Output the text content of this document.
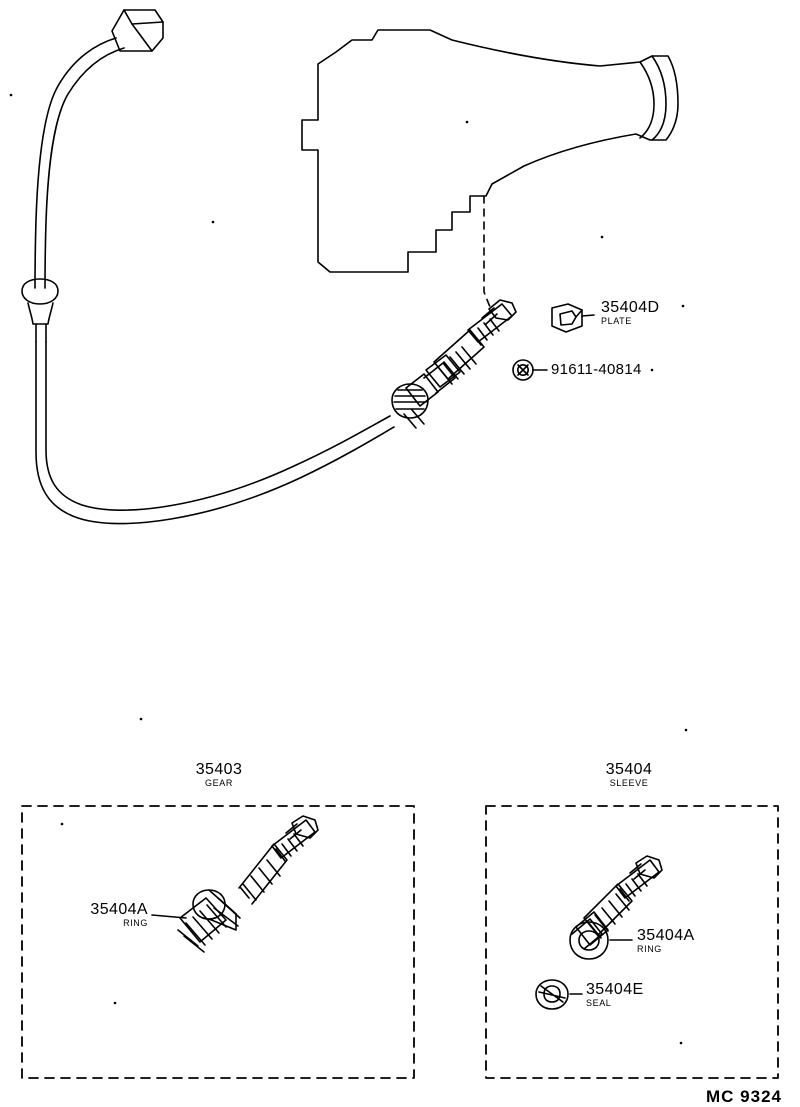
35404D
PLATE
91611-40814
35403
GEAR
35404A
RING
35404
SLEEVE
35404A
RING
35404E
SEAL
MC 9324
